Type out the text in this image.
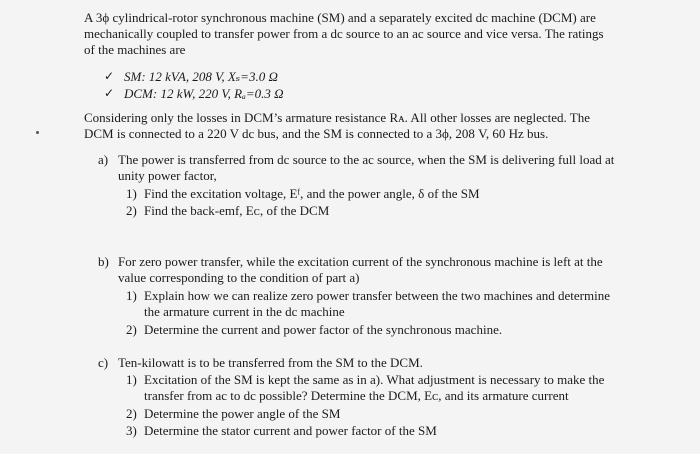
A 3ϕ cylindrical-rotor synchronous machine (SM) and a separately excited dc machine (DCM) are
mechanically coupled to transfer power from a dc source to an ac source and vice versa. The ratings
of the machines are
✓ SM: 12 kVA, 208 V, Xₛ=3.0 Ω
✓ DCM: 12 kW, 220 V, Rₐ=0.3 Ω
Considering only the losses in DCM’s armature resistance Rᴀ. All other losses are neglected. The
DCM is connected to a 220 V dc bus, and the SM is connected to a 3ϕ, 208 V, 60 Hz bus.
a) The power is transferred from dc source to the ac source, when the SM is delivering full load at
unity power factor,
1) Find the excitation voltage, Eᶠ, and the power angle, δ of the SM
2) Find the back-emf, Eᴄ, of the DCM
b) For zero power transfer, while the excitation current of the synchronous machine is left at the
value corresponding to the condition of part a)
1) Explain how we can realize zero power transfer between the two machines and determine
the armature current in the dc machine
2) Determine the current and power factor of the synchronous machine.
c) Ten-kilowatt is to be transferred from the SM to the DCM.
1) Excitation of the SM is kept the same as in a). What adjustment is necessary to make the
transfer from ac to dc possible? Determine the DCM, Eᴄ, and its armature current
2) Determine the power angle of the SM
3) Determine the stator current and power factor of the SM
